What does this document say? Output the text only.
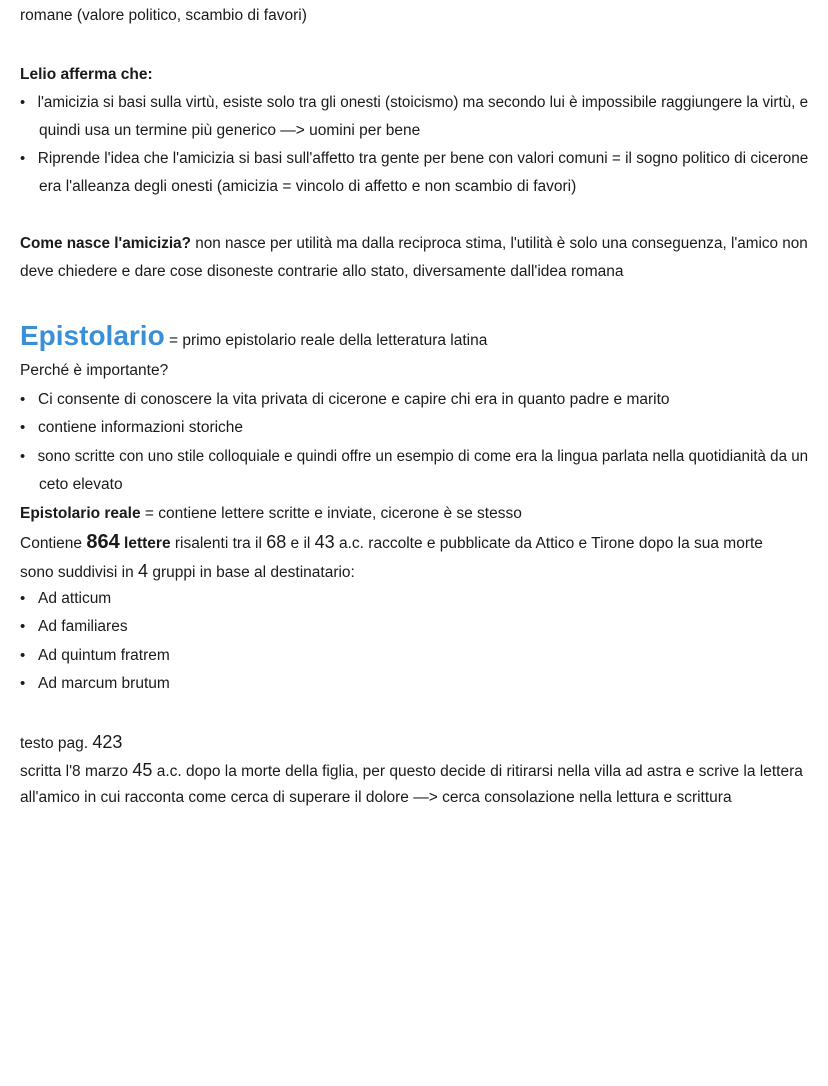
romane (valore politico, scambio di favori)
Lelio afferma che:
• l'amicizia si basi sulla virtù, esiste solo tra gli onesti (stoicismo) ma secondo lui è impossibile raggiungere la virtù, e
quindi usa un termine più generico —> uomini per bene
• Riprende l'idea che l'amicizia si basi sull'affetto tra gente per bene con valori comuni = il sogno politico di cicerone
era l'alleanza degli onesti (amicizia = vincolo di affetto e non scambio di favori)
Come nasce l'amicizia? non nasce per utilità ma dalla reciproca stima, l'utilità è solo una conseguenza, l'amico non
deve chiedere e dare cose disoneste contrarie allo stato, diversamente dall'idea romana
Epistolario = primo epistolario reale della letteratura latina
Perché è importante?
• Ci consente di conoscere la vita privata di cicerone e capire chi era in quanto padre e marito
• contiene informazioni storiche
• sono scritte con uno stile colloquiale e quindi offre un esempio di come era la lingua parlata nella quotidianità da un
ceto elevato
Epistolario reale = contiene lettere scritte e inviate, cicerone è se stesso
Contiene 864 lettere risalenti tra il 68 e il 43 a.c. raccolte e pubblicate da Attico e Tirone dopo la sua morte
sono suddivisi in 4 gruppi in base al destinatario:
• Ad atticum
• Ad familiares
• Ad quintum fratrem
• Ad marcum brutum
testo pag. 423
scritta l'8 marzo 45 a.c. dopo la morte della figlia, per questo decide di ritirarsi nella villa ad astra e scrive la lettera
all'amico in cui racconta come cerca di superare il dolore —> cerca consolazione nella lettura e scrittura
